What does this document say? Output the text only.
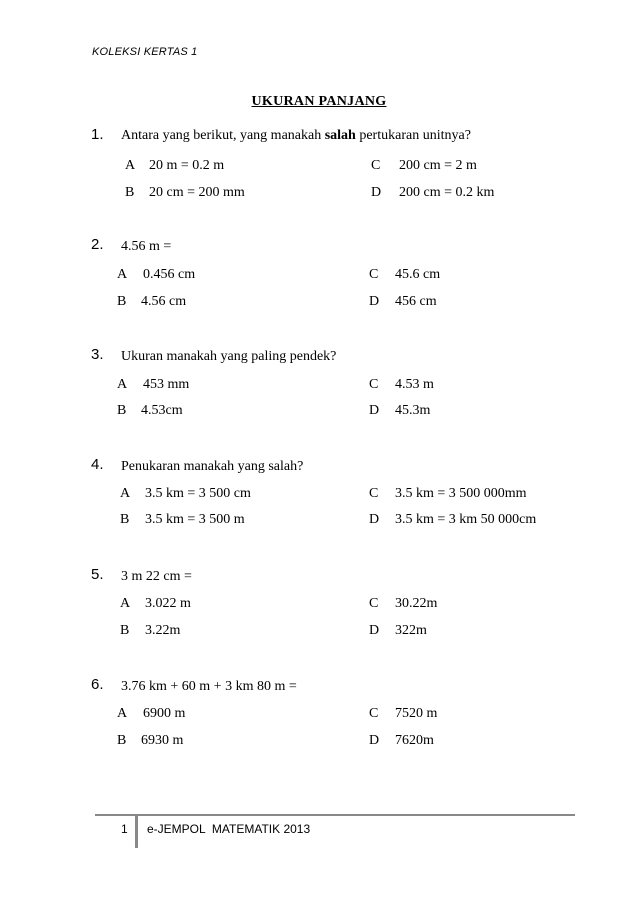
KOLEKSI KERTAS 1
UKURAN PANJANG
1. Antara yang berikut, yang manakah salah pertukaran unitnya?
A 20 m = 0.2 m
B 20 cm = 200 mm
C 200 cm = 2 m
D 200 cm = 0.2 km
2. 4.56 m =
A 0.456 cm
B 4.56 cm
C 45.6 cm
D 456 cm
3. Ukuran manakah yang paling pendek?
A 453 mm
B 4.53cm
C 4.53 m
D 45.3m
4. Penukaran manakah yang salah?
A 3.5 km = 3 500 cm
B 3.5 km = 3 500 m
C 3.5 km = 3 500 000mm
D 3.5 km = 3 km 50 000cm
5. 3 m 22 cm =
A 3.022 m
B 3.22m
C 30.22m
D 322m
6. 3.76 km + 60 m + 3 km 80 m =
A 6900 m
B 6930 m
C 7520 m
D 7620m
1 e-JEMPOL  MATEMATIK 2013
